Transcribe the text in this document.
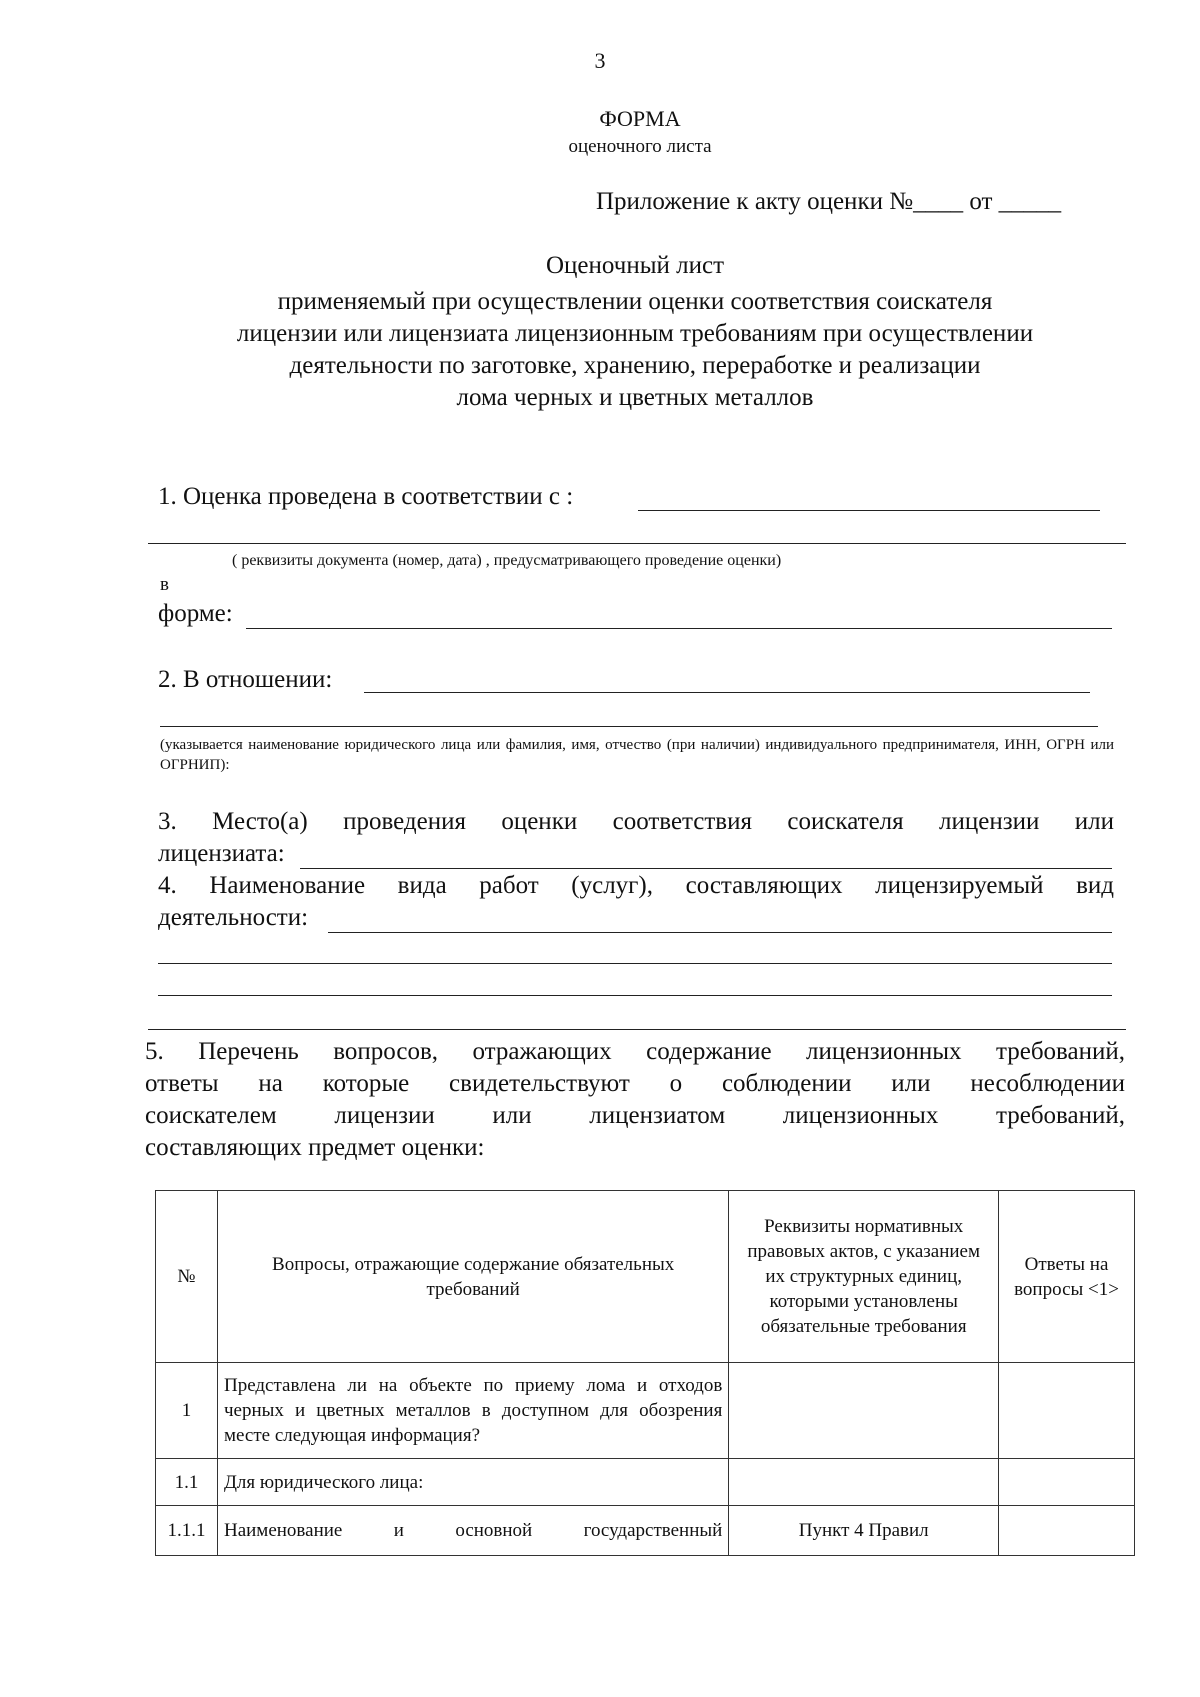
3
ФОРМА
оценочного листа
Приложение к акту оценки №____ от _____
Оценочный лист
применяемый при осуществлении оценки соответствия соискателя
лицензии или лицензиата лицензионным требованиям при осуществлении
деятельности по заготовке, хранению, переработке и реализации
лома черных и цветных металлов
1. Оценка проведена в соответствии с :
( реквизиты документа (номер, дата) , предусматривающего проведение оценки)
в
форме:
2. В отношении:
(указывается наименование юридического лица или фамилия, имя, отчество (при наличии) индивидуального предпринимателя, ИНН, ОГРН или ОГРНИП):
3. Место(а) проведения оценки соответствия соискателя лицензии или
лицензиата:
4. Наименование вида работ (услуг), составляющих лицензируемый вид
деятельности:
5. Перечень вопросов, отражающих содержание лицензионных требований,
ответы на которые свидетельствуют о соблюдении или несоблюдении
соискателем лицензии или лицензиатом лицензионных требований,
составляющих предмет оценки:
№	Вопросы, отражающие содержание обязательных требований	Реквизиты нормативных правовых актов, с указанием их структурных единиц, которыми установлены обязательные требования	Ответы на вопросы <1>
1	Представлена ли на объекте по приему лома и отходов черных и цветных металлов в доступном для обозрения месте следующая информация?		
1.1	Для юридического лица:		
1.1.1	Наименование и основной государственный	Пункт 4 Правил	
